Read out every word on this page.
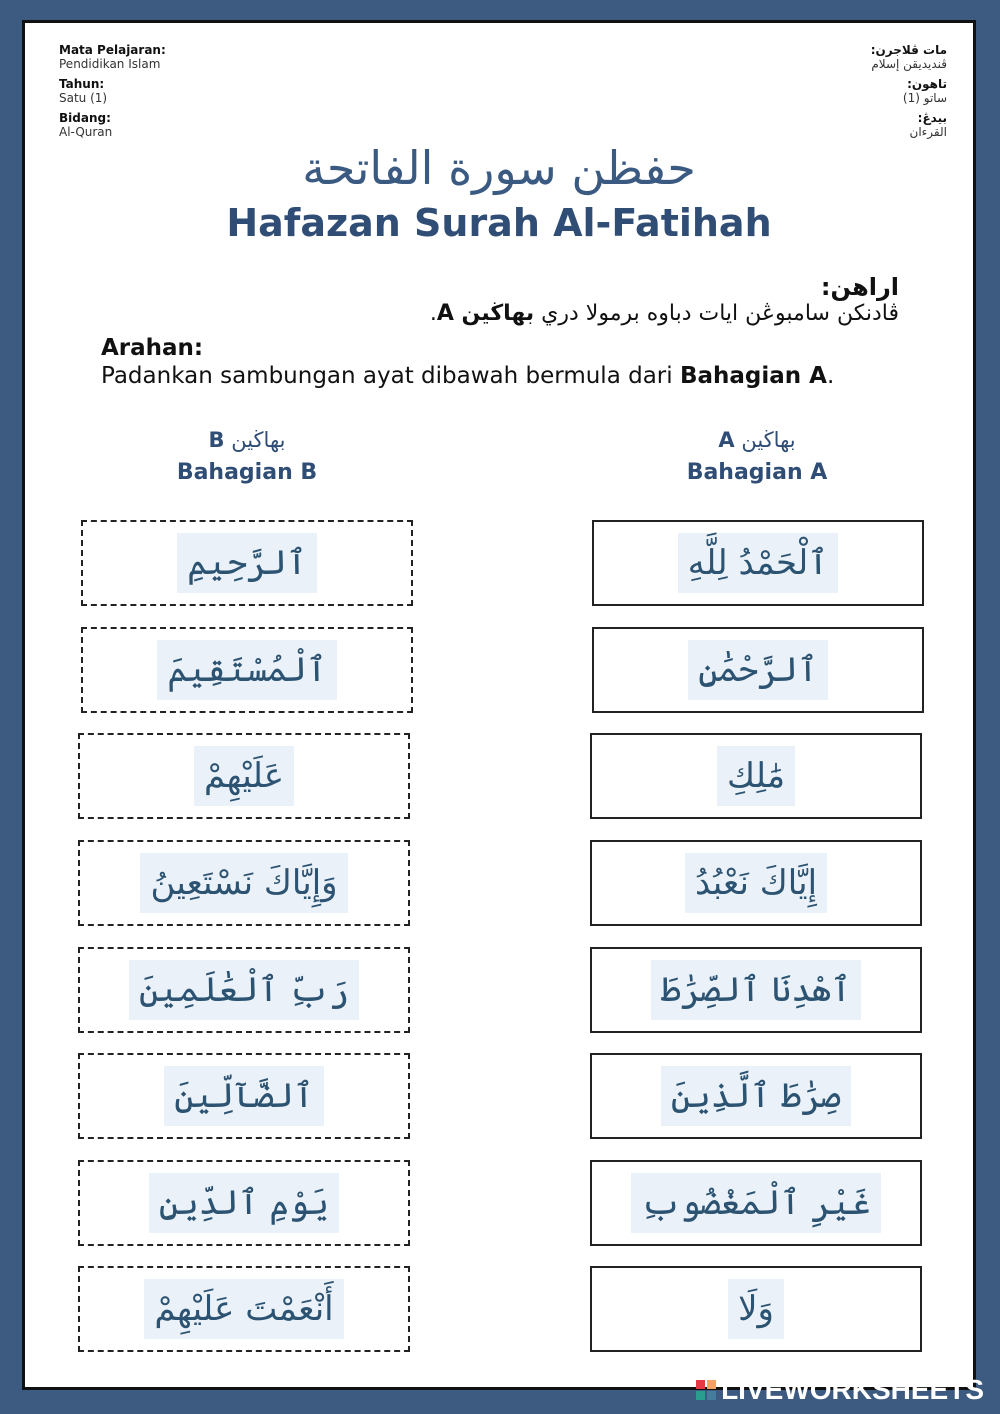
Mata Pelajaran:
Pendidikan Islam
Tahun:
Satu (1)
Bidang:
Al-Quran
مات ڤلاجرن:
ڤنديديقن إسلام
تاهون:
ساتو (1)
بيدڠ:
القرءان
حفظن سورة الفاتحة
Hafazan Surah Al-Fatihah
اراهن:
ڤادنكن سامبوڠن ايات دباوه برمولا دري بهاڬين A.
Arahan:
Padankan sambungan ayat dibawah bermula dari Bahagian A.
بهاڬين B
Bahagian B
بهاڬين A
Bahagian A
ٱلرَّحِيمِ
ٱلْمُسْتَقِيمَ
عَلَيْهِمْ
وَإِيَّاكَ نَسْتَعِينُ
رَبِّ ٱلْعَٰلَمِينَ
ٱلضَّآلِّينَ
يَوْمِ ٱلدِّينِ
أَنْعَمْتَ عَلَيْهِمْ
ٱلْحَمْدُ لِلَّهِ
ٱلرَّحْمَٰنِ
مَٰلِكِ
إِيَّاكَ نَعْبُدُ
ٱهْدِنَا ٱلصِّرَٰطَ
صِرَٰطَ ٱلَّذِينَ
غَيْرِ ٱلْمَغْضُوبِ
وَلَا
LIVEWORKSHEETS
